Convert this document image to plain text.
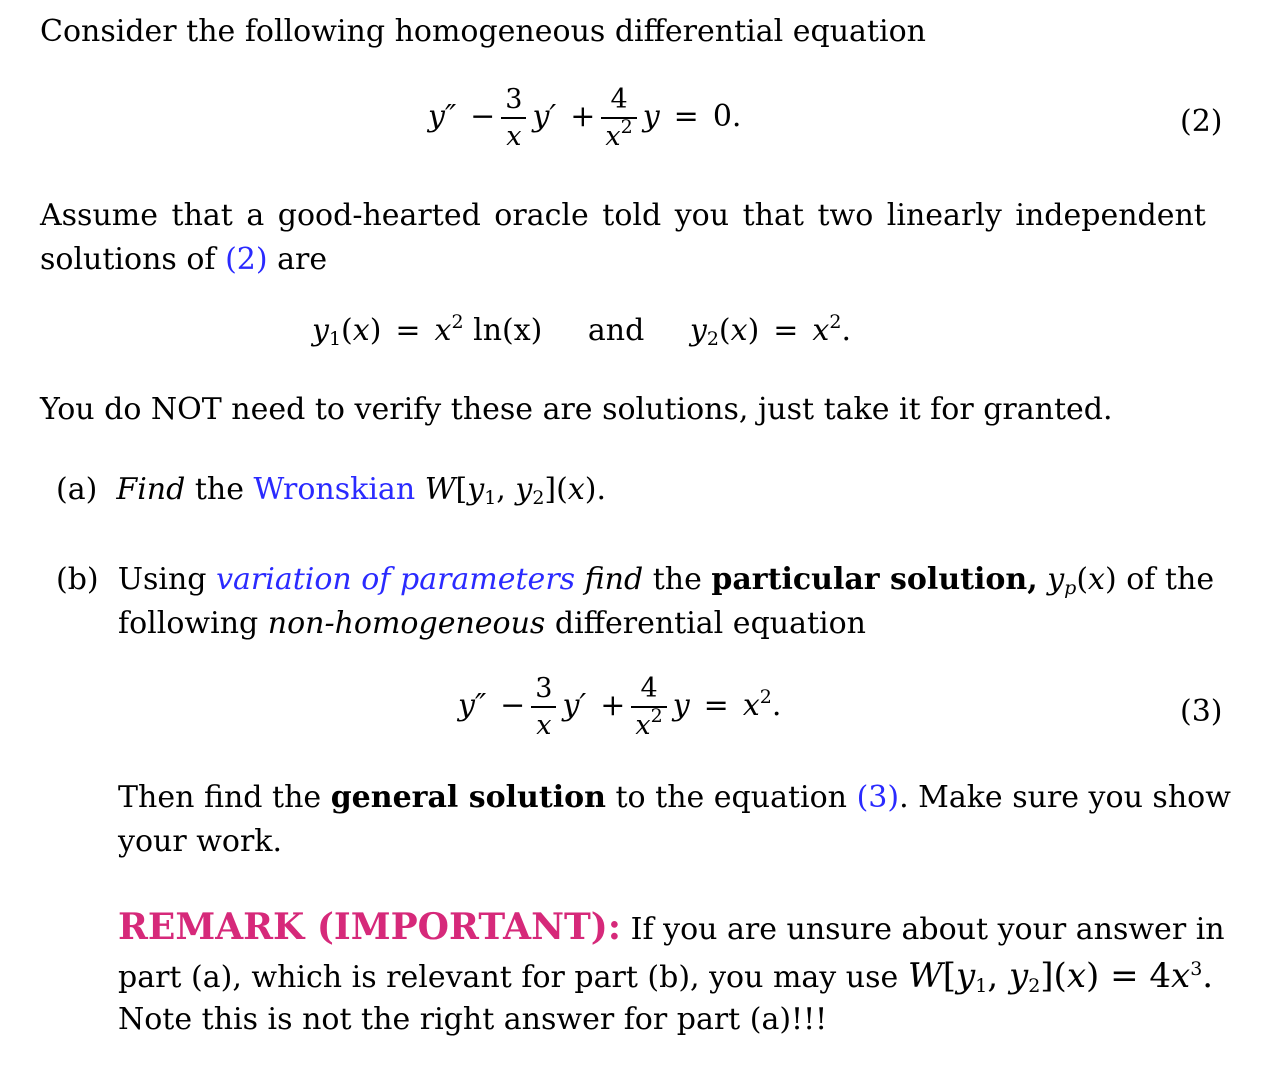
Consider the following homogeneous differential equation
$y'' - \frac{3}{x} y' + \frac{4}{x^2}$ y = 0.	(2)
Assume that a good-hearted oracle told you that two linearly independent
solutions of (2) are
$y_1(x) = x^2$ ln(x) and $y_2(x) = x^2$.
You do NOT need to verify these are solutions, just take it for granted.
(a) Find the Wronskian $W[y_1$, $y_2](x)$.
(b) Using variation of parameters find the particular solution, $y_p(x)$ of the
following non-homogeneous differential equation
$y'' - \frac{3}{x} y' + \frac{4}{x^2}$ $y = x^2$.	(3)
Then find the general solution to the equation (3). Make sure you show
your work.
REMARK (IMPORTANT): If you are unsure about your answer in
part (a), which is relevant for part (b), you may use $W[y_1$, $y_2](x) = 4x^3$.
Note this is not the right answer for part (a)!!!
